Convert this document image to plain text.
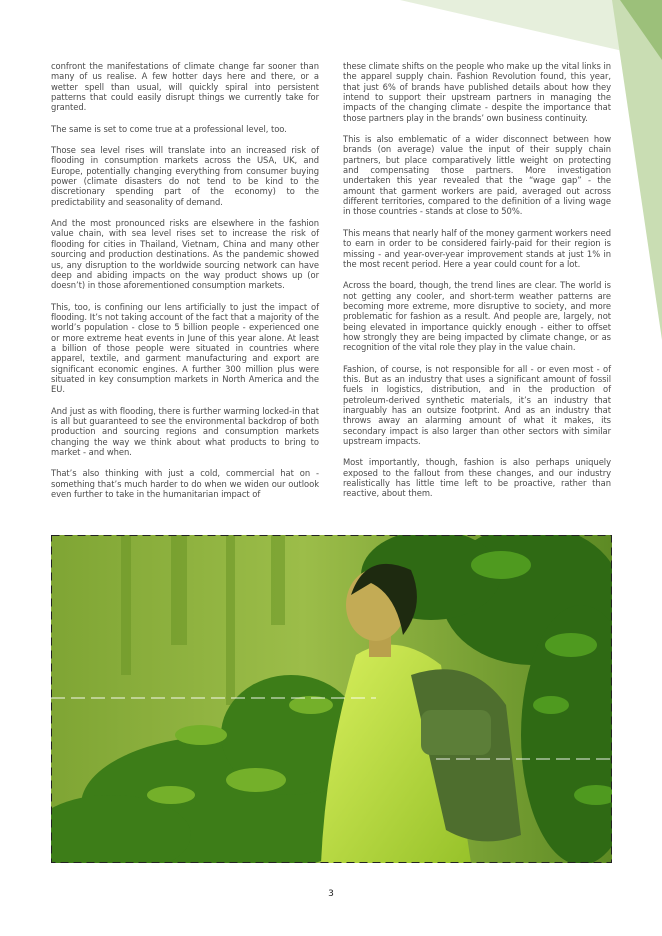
confront the manifestations of climate change far sooner than many of us realise. A few hotter days here and there, or a wetter spell than usual, will quickly spiral into persistent patterns that could easily disrupt things we currently take for granted.

The same is set to come true at a professional level, too.

Those sea level rises will translate into an increased risk of flooding in consumption markets across the USA, UK, and Europe, potentially changing everything from consumer buying power (climate disasters do not tend to be kind to the discretionary spending part of the economy) to the predictability and seasonality of demand.

And the most pronounced risks are elsewhere in the fashion value chain, with sea level rises set to increase the risk of flooding for cities in Thailand, Vietnam, China and many other sourcing and production destinations. As the pandemic showed us, any disruption to the worldwide sourcing network can have deep and abiding impacts on the way product shows up (or doesn’t) in those aforementioned consumption markets.

This, too, is confining our lens artificially to just the impact of flooding. It’s not taking account of the fact that a majority of the world’s population - close to 5 billion people - experienced one or more extreme heat events in June of this year alone. At least a billion of those people were situated in countries where apparel, textile, and garment manufacturing and export are significant economic engines. A further 300 million plus were situated in key consumption markets in North America and the EU.

And just as with flooding, there is further warming locked-in that is all but guaranteed to see the environmental backdrop of both production and sourcing regions and consumption markets changing the way we think about what products to bring to market - and when.

That’s also thinking with just a cold, commercial hat on - something that’s much harder to do when we widen our outlook even further to take in the humanitarian impact of

these climate shifts on the people who make up the vital links in the apparel supply chain. Fashion Revolution found, this year, that just 6% of brands have published details about how they intend to support their upstream partners in managing the impacts of the changing climate - despite the importance that those partners play in the brands’ own business continuity.

This is also emblematic of a wider disconnect between how brands (on average) value the input of their supply chain partners, but place comparatively little weight on protecting and compensating those partners. More investigation undertaken this year revealed that the “wage gap” - the amount that garment workers are paid, averaged out across different territories, compared to the definition of a living wage in those countries - stands at close to 50%.

This means that nearly half of the money garment workers need to earn in order to be considered fairly-paid for their region is missing - and year-over-year improvement stands at just 1% in the most recent period. Here a year could count for a lot.

Across the board, though, the trend lines are clear. The world is not getting any cooler, and short-term weather patterns are becoming more extreme, more disruptive to society, and more problematic for fashion as a result. And people are, largely, not being elevated in importance quickly enough - either to offset how strongly they are being impacted by climate change, or as recognition of the vital role they play in the value chain.

Fashion, of course, is not responsible for all - or even most - of this. But as an industry that uses a significant amount of fossil fuels in logistics, distribution, and in the production of petroleum-derived synthetic materials, it’s an industry that inarguably has an outsize footprint. And as an industry that throws away an alarming amount of what it makes, its secondary impact is also larger than other sectors with similar upstream impacts.

Most importantly, though, fashion is also perhaps uniquely exposed to the fallout from these changes, and our industry realistically has little time left to be proactive, rather than reactive, about them.

3
